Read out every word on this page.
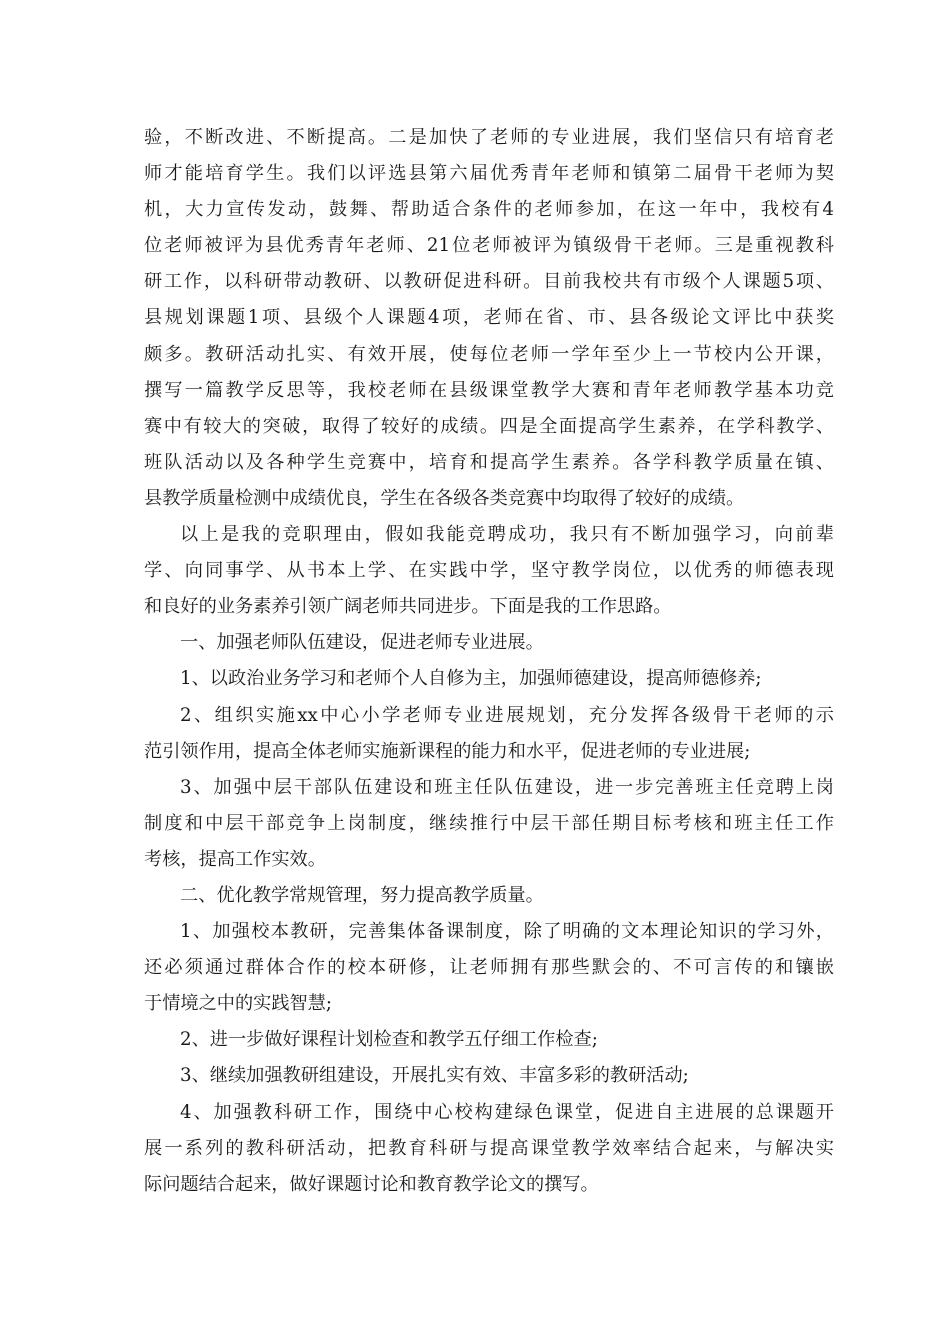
验，不断改进、不断提高。二是加快了老师的专业进展，我们坚信只有培育老
师才能培育学生。我们以评选县第六届优秀青年老师和镇第二届骨干老师为契
机，大力宣传发动，鼓舞、帮助适合条件的老师参加，在这一年中，我校有4
位老师被评为县优秀青年老师、21位老师被评为镇级骨干老师。三是重视教科
研工作，以科研带动教研、以教研促进科研。目前我校共有市级个人课题5项、
县规划课题1项、县级个人课题4项，老师在省、市、县各级论文评比中获奖
颇多。教研活动扎实、有效开展，使每位老师一学年至少上一节校内公开课，
撰写一篇教学反思等，我校老师在县级课堂教学大赛和青年老师教学基本功竞
赛中有较大的突破，取得了较好的成绩。四是全面提高学生素养，在学科教学、
班队活动以及各种学生竞赛中，培育和提高学生素养。各学科教学质量在镇、
县教学质量检测中成绩优良，学生在各级各类竞赛中均取得了较好的成绩。
以上是我的竞职理由，假如我能竞聘成功，我只有不断加强学习，向前辈
学、向同事学、从书本上学、在实践中学，坚守教学岗位，以优秀的师德表现
和良好的业务素养引领广阔老师共同进步。下面是我的工作思路。
一、加强老师队伍建设，促进老师专业进展。
1、以政治业务学习和老师个人自修为主，加强师德建设，提高师德修养;
2、组织实施xx中心小学老师专业进展规划，充分发挥各级骨干老师的示
范引领作用，提高全体老师实施新课程的能力和水平，促进老师的专业进展;
3、加强中层干部队伍建设和班主任队伍建设，进一步完善班主任竞聘上岗
制度和中层干部竞争上岗制度，继续推行中层干部任期目标考核和班主任工作
考核，提高工作实效。
二、优化教学常规管理，努力提高教学质量。
1、加强校本教研，完善集体备课制度，除了明确的文本理论知识的学习外，
还必须通过群体合作的校本研修，让老师拥有那些默会的、不可言传的和镶嵌
于情境之中的实践智慧;
2、进一步做好课程计划检查和教学五仔细工作检查;
3、继续加强教研组建设，开展扎实有效、丰富多彩的教研活动;
4、加强教科研工作，围绕中心校构建绿色课堂，促进自主进展的总课题开
展一系列的教科研活动，把教育科研与提高课堂教学效率结合起来，与解决实
际问题结合起来，做好课题讨论和教育教学论文的撰写。
